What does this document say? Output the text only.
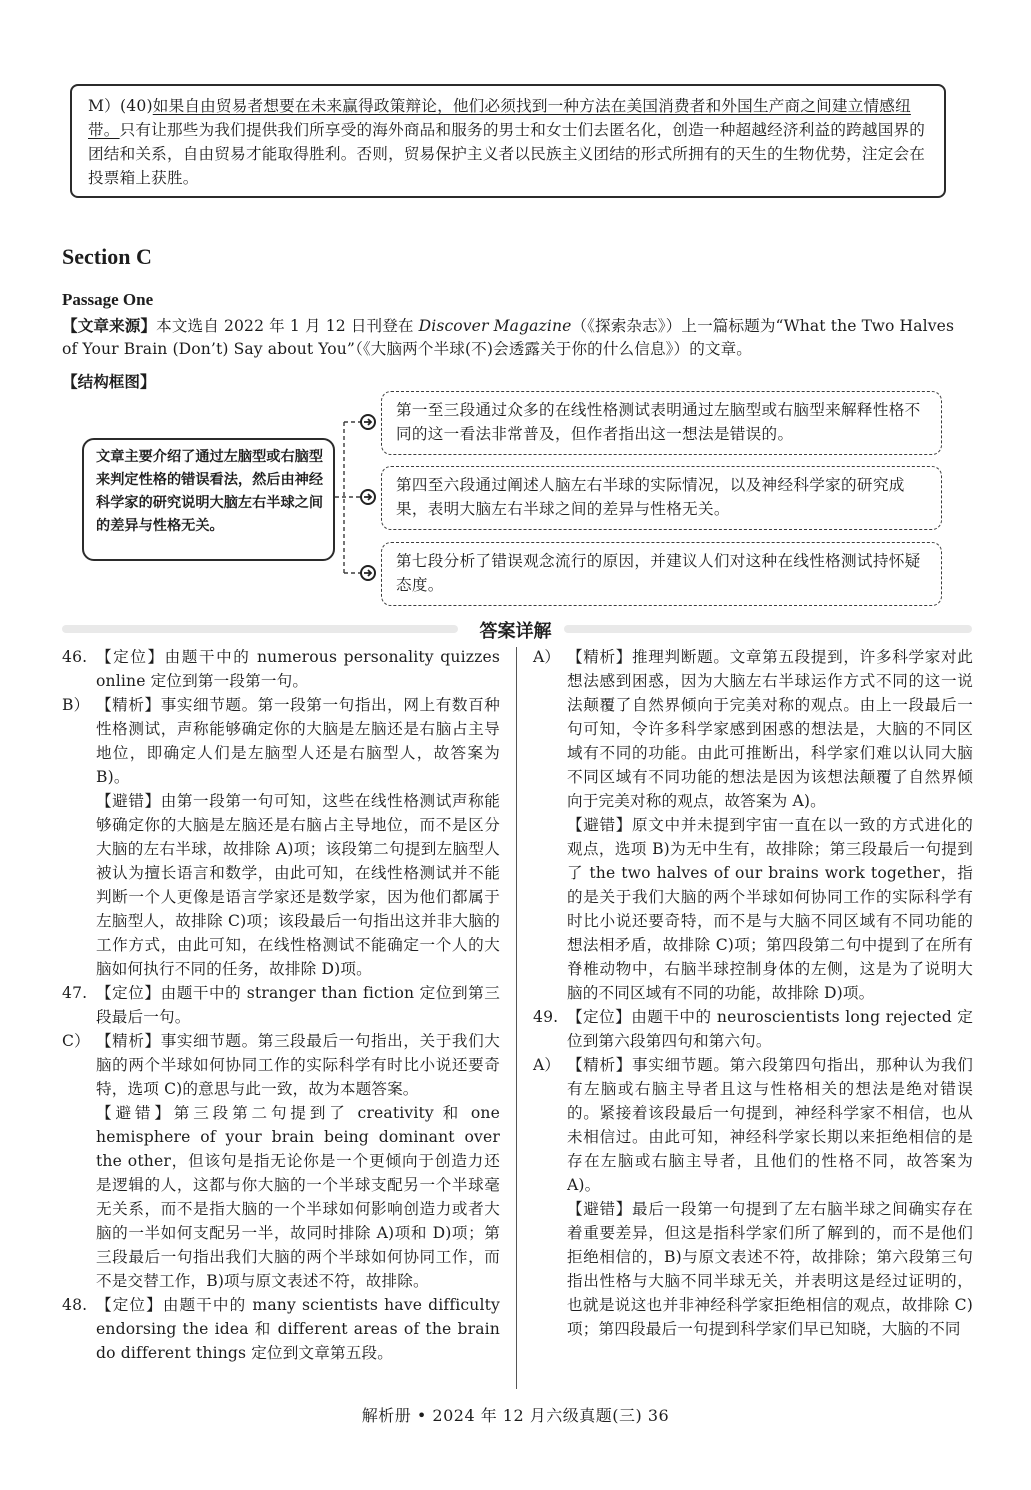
M）(40)如果自由贸易者想要在未来赢得政策辩论，他们必须找到一种方法在美国消费者和外国生产商之间建立情感纽带。只有让那些为我们提供我们所享受的海外商品和服务的男士和女士们去匿名化，创造一种超越经济利益的跨越国界的团结和关系，自由贸易才能取得胜利。否则，贸易保护主义者以民族主义团结的形式所拥有的天生的生物优势，注定会在投票箱上获胜。
Section C
Passage One
【文章来源】本文选自 2022 年 1 月 12 日刊登在 Discover Magazine（《探索杂志》）上一篇标题为“What the Two Halves of Your Brain (Don’t) Say about You”（《大脑两个半球(不)会透露关于你的什么信息》）的文章。
【结构框图】
文章主要介绍了通过左脑型或右脑型来判定性格的错误看法，然后由神经科学家的研究说明大脑左右半球之间的差异与性格无关。
第一至三段通过众多的在线性格测试表明通过左脑型或右脑型来解释性格不同的这一看法非常普及，但作者指出这一想法是错误的。
第四至六段通过阐述人脑左右半球的实际情况，以及神经科学家的研究成果，表明大脑左右半球之间的差异与性格无关。
第七段分析了错误观念流行的原因，并建议人们对这种在线性格测试持怀疑态度。
答案详解
46. 【定位】由题干中的 numerous personality quizzes online 定位到第一段第一句。
B） 【精析】事实细节题。第一段第一句指出，网上有数百种性格测试，声称能够确定你的大脑是左脑还是右脑占主导地位，即确定人们是左脑型人还是右脑型人，故答案为 B)。
【避错】由第一段第一句可知，这些在线性格测试声称能够确定你的大脑是左脑还是右脑占主导地位，而不是区分大脑的左右半球，故排除 A)项；该段第二句提到左脑型人被认为擅长语言和数学，由此可知，在线性格测试并不能判断一个人更像是语言学家还是数学家，因为他们都属于左脑型人，故排除 C)项；该段最后一句指出这并非大脑的工作方式，由此可知，在线性格测试不能确定一个人的大脑如何执行不同的任务，故排除 D)项。
47. 【定位】由题干中的 stranger than fiction 定位到第三段最后一句。
C） 【精析】事实细节题。第三段最后一句指出，关于我们大脑的两个半球如何协同工作的实际科学有时比小说还要奇特，选项 C)的意思与此一致，故为本题答案。
【避错】第三段第二句提到了 creativity 和 one hemisphere of your brain being dominant over the other，但该句是指无论你是一个更倾向于创造力还是逻辑的人，这都与你大脑的一个半球支配另一个半球毫无关系，而不是指大脑的一个半球如何影响创造力或者大脑的一半如何支配另一半，故同时排除 A)项和 D)项；第三段最后一句指出我们大脑的两个半球如何协同工作，而不是交替工作，B)项与原文表述不符，故排除。
48. 【定位】由题干中的 many scientists have difficulty endorsing the idea 和 different areas of the brain do different things 定位到文章第五段。
A） 【精析】推理判断题。文章第五段提到，许多科学家对此想法感到困惑，因为大脑左右半球运作方式不同的这一说法颠覆了自然界倾向于完美对称的观点。由上一段最后一句可知，令许多科学家感到困惑的想法是，大脑的不同区域有不同的功能。由此可推断出，科学家们难以认同大脑不同区域有不同功能的想法是因为该想法颠覆了自然界倾向于完美对称的观点，故答案为 A)。
【避错】原文中并未提到宇宙一直在以一致的方式进化的观点，选项 B)为无中生有，故排除；第三段最后一句提到了 the two halves of our brains work together，指的是关于我们大脑的两个半球如何协同工作的实际科学有时比小说还要奇特，而不是与大脑不同区域有不同功能的想法相矛盾，故排除 C)项；第四段第二句中提到了在所有脊椎动物中，右脑半球控制身体的左侧，这是为了说明大脑的不同区域有不同的功能，故排除 D)项。
49. 【定位】由题干中的 neuroscientists long rejected 定位到第六段第四句和第六句。
A） 【精析】事实细节题。第六段第四句指出，那种认为我们有左脑或右脑主导者且这与性格相关的想法是绝对错误的。紧接着该段最后一句提到，神经科学家不相信，也从未相信过。由此可知，神经科学家长期以来拒绝相信的是存在左脑或右脑主导者，且他们的性格不同，故答案为 A)。
【避错】最后一段第一句提到了左右脑半球之间确实存在着重要差异，但这是指科学家们所了解到的，而不是他们拒绝相信的，B)与原文表述不符，故排除；第六段第三句指出性格与大脑不同半球无关，并表明这是经过证明的，也就是说这也并非神经科学家拒绝相信的观点，故排除 C)项；第四段最后一句提到科学家们早已知晓，大脑的不同
解析册 • 2024 年 12 月六级真题(三) 36
